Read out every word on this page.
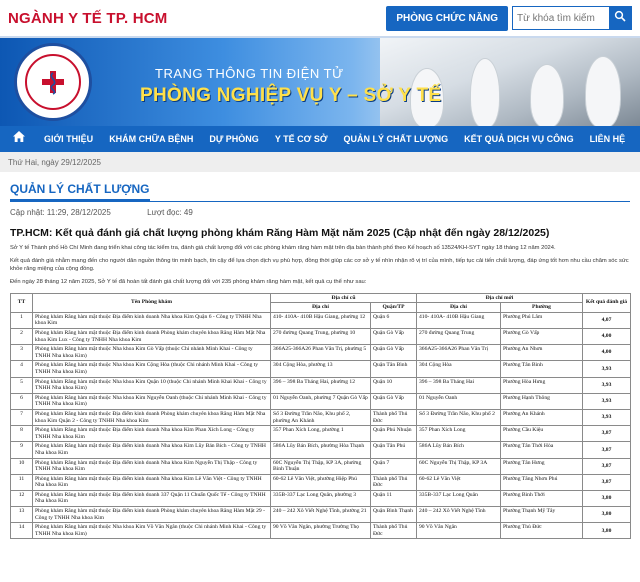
NGÀNH Y TẾ TP. HCM	PHÒNG CHỨC NĂNG
Từ khóa tìm kiếm
TRANG THÔNG TIN ĐIỆN TỬ
PHÒNG NGHIỆP VỤ Y – SỞ Y TẾ
GIỚI THIỆU	KHÁM CHỮA BỆNH	DỰ PHÒNG	Y TẾ CƠ SỞ	QUẢN LÝ CHẤT LƯỢNG	KẾT QUẢ DỊCH VỤ CÔNG	LIÊN HỆ
Thứ Hai, ngày 29/12/2025
QUẢN LÝ CHẤT LƯỢNG
Cập nhật: 11:29, 28/12/2025	Lượt đọc: 49
TP.HCM: Kết quả đánh giá chất lượng phòng khám Răng Hàm Mặt năm 2025 (Cập nhật đến ngày 28/12/2025)
Sở Y tế Thành phố Hồ Chí Minh đang triển khai công tác kiểm tra, đánh giá chất lượng đối với các phòng khám răng hàm mặt trên địa bàn thành phố theo Kế hoạch số 13524/KH-SYT ngày 18 tháng 12 năm 2024.
Kết quả đánh giá nhằm mang đến cho người dân nguồn thông tin minh bạch, tin cậy để lựa chọn dịch vụ phù hợp, đồng thời giúp các cơ sở y tế nhìn nhận rõ vị trí của mình, tiếp tục cải tiến chất lượng, đáp ứng tốt hơn nhu cầu chăm sóc sức khỏe răng miệng của cộng đồng.
Đến ngày 28 tháng 12 năm 2025, Sở Y tế đã hoàn tất đánh giá chất lượng đối với 235 phòng khám răng hàm mặt, kết quả cụ thể như sau:
TT	Tên Phòng khám	Địa chỉ cũ		Địa chỉ mới		Kết quả đánh giá
		Địa chỉ	Quận/TP	Địa chỉ	Phường	
1	Phòng khám Răng hàm mặt thuộc Địa điểm kinh doanh Nha khoa Kim Quận 6 - Công ty TNHH Nha khoa Kim	410- 410A- 410B Hậu Giang, phường 12	Quận 6	410- 410A- 410B Hậu Giang	Phường Phú Lâm	4,07
2	Phòng khám Răng hàm mặt thuộc Địa điểm kinh doanh Phòng khám chuyên khoa Răng Hàm Mặt Nha khoa Kim Lux - Công ty TNHH Nha khoa Kim	270 đường Quang Trung, phường 10	Quận Gò Vấp	270 đường Quang Trung	Phường Gò Vấp	4,00
3	Phòng khám Răng hàm mặt thuộc Nha khoa Kim Gò Vấp (thuộc Chi nhánh Minh Khai - Công ty TNHH Nha khoa Kim)	366A25-366A26 Phan Văn Trị, phường 5	Quận Gò Vấp	366A25-366A26 Phan Văn Trị	Phường An Nhơn	4,00
4	Phòng khám Răng hàm mặt thuộc Nha khoa Kim Cộng Hòa (thuộc Chi nhánh Minh Khai - Công ty TNHH Nha khoa Kim)	304 Cộng Hòa, phường 13	Quận Tân Bình	304 Cộng Hòa	Phường Tân Bình	3,93
5	Phòng khám Răng hàm mặt thuộc Nha khoa Kim Quận 10 (thuộc Chi nhánh Minh Khai Khai - Công ty TNHH Nha khoa Kim)	396 – 398 Ba Tháng Hai, phường 12	Quận 10	396 – 398 Ba Tháng Hai	Phường Hòa Hưng	3,93
6	Phòng khám Răng hàm mặt thuộc Nha khoa Kim Nguyễn Oanh (thuộc Chi nhánh Minh Khai - Công ty TNHH Nha khoa Kim)	01 Nguyễn Oanh, phường 7 Quận Gò Vấp	Quận Gò Vấp	01 Nguyễn Oanh	Phường Hạnh Thông	3,93
7	Phòng khám Răng hàm mặt thuộc Địa điểm kinh doanh Phòng khám chuyên khoa Răng Hàm Mặt Nha khoa Kim Quận 2 - Công ty TNHH Nha khoa Kim	Số 3 Đường Trần Não, Khu phố 2, phường An Khánh	Thành phố Thủ Đức	Số 3 Đường Trần Não, Khu phố 2	Phường An Khánh	3,93
8	Phòng khám Răng hàm mặt thuộc Địa điểm kinh doanh Nha khoa Kim Phan Xích Long - Công ty TNHH Nha khoa Kim	357 Phan Xích Long, phường 1	Quận Phú Nhuận	357 Phan Xích Long	Phường Cầu Kiệu	3,87
9	Phòng khám Răng hàm mặt thuộc Địa điểm kinh doanh Nha khoa Kim Lũy Bán Bích - Công ty TNHH Nha khoa Kim	586A Lũy Bán Bích, phường Hòa Thạnh	Quận Tân Phú	586A Lũy Bán Bích	Phường Tân Thới Hòa	3,87
10	Phòng khám Răng hàm mặt thuộc Địa điểm kinh doanh Nha khoa Kim Nguyễn Thị Thập - Công ty TNHH Nha khoa Kim	60C Nguyễn Thị Thập, KP 3A, phường Bình Thuận	Quận 7	60C Nguyễn Thị Thập, KP 3A	Phường Tân Hưng	3,87
11	Phòng khám Răng hàm mặt thuộc Địa điểm kinh doanh Nha khoa Kim Lê Văn Việt - Công ty TNHH Nha khoa Kim	60-62 Lê Văn Việt, phường Hiệp Phú	Thành phố Thủ Đức	60-62 Lê Văn Việt	Phường Tăng Nhơn Phú	3,87
12	Phòng khám Răng hàm mặt thuộc Địa điểm kinh doanh 337 Quận 11 Chuẩn Quốc Tế - Công ty TNHH Nha khoa Kim	335B-337 Lạc Long Quân, phường 3	Quận 11	335B-337 Lạc Long Quân	Phường Bình Thới	3,80
13	Phòng khám Răng hàm mặt thuộc Địa điểm kinh doanh Phòng khám chuyên khoa Răng Hàm Mặt 29 - Công ty TNHH Nha khoa Kim	240 – 242 Xô Viết Nghệ Tĩnh, phường 21	Quận Bình Thạnh	240 – 242 Xô Viết Nghệ Tĩnh	Phường Thạnh Mỹ Tây	3,80
14	Phòng khám Răng hàm mặt thuộc Nha khoa Kim Võ Văn Ngân (thuộc Chi nhánh Minh Khai - Công ty TNHH Nha khoa Kim)	90 Võ Văn Ngân, phường Trường Thọ	Thành phố Thủ Đức	90 Võ Văn Ngân	Phường Thủ Đức	3,80
